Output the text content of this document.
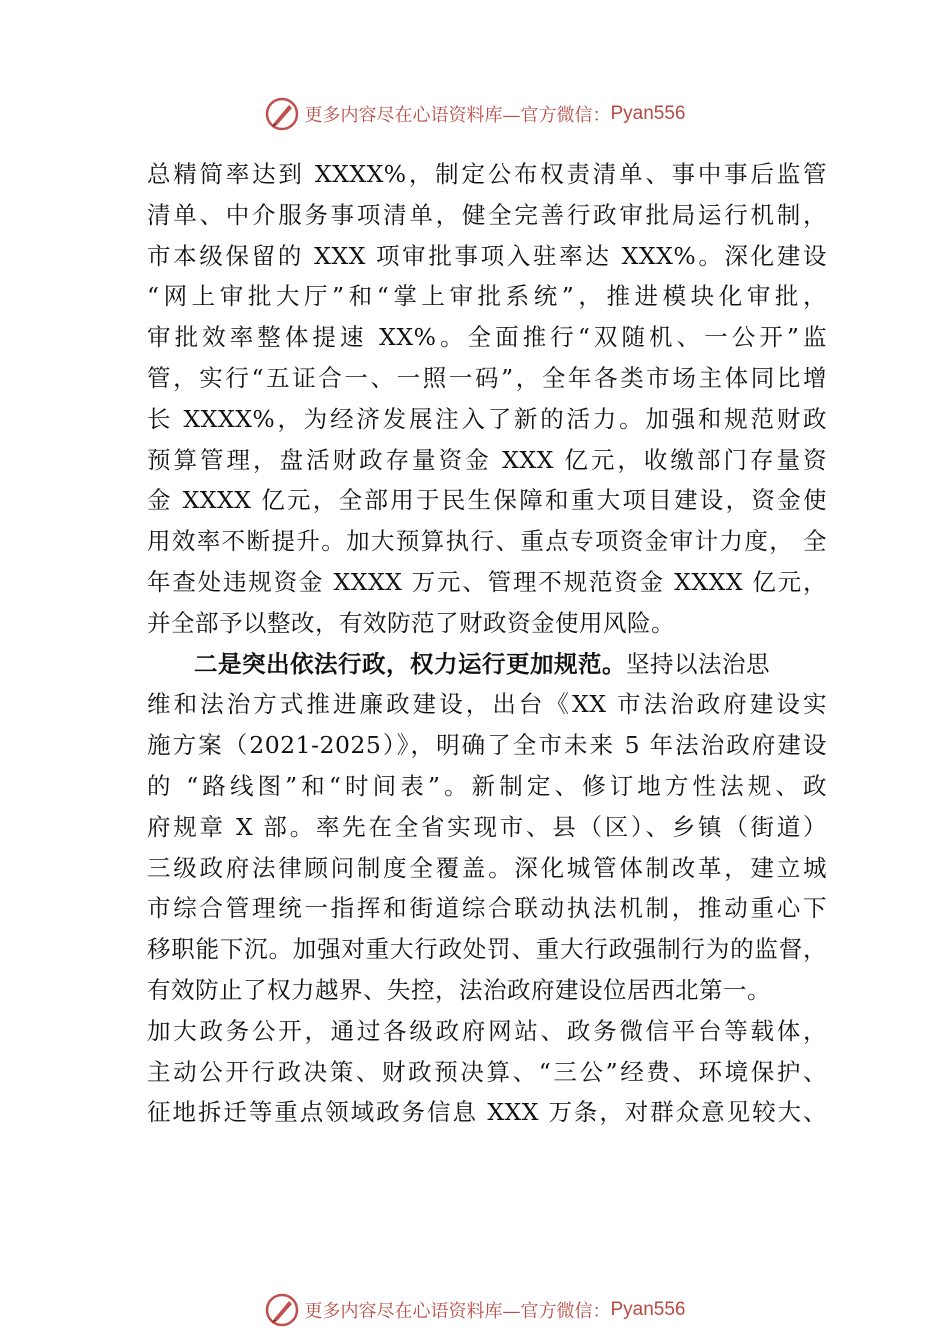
更多内容尽在心语资料库—官方微信： Pyan556
总精简率达到 XXXX%，制定公布权责清单、事中事后监管
清单、中介服务事项清单，健全完善行政审批局运行机制，
市本级保留的 XXX 项审批事项入驻率达 XXX%。深化建设
“网上审批大厅”和“掌上审批系统”，推进模块化审批，
审批效率整体提速 XX%。全面推行“双随机、一公开”监
管，实行“五证合一、一照一码”，全年各类市场主体同比增
长 XXXX%，为经济发展注入了新的活力。加强和规范财政
预算管理，盘活财政存量资金 XXX 亿元，收缴部门存量资
金 XXXX 亿元，全部用于民生保障和重大项目建设，资金使
用效率不断提升。加大预算执行、重点专项资金审计力度， 全
年查处违规资金 XXXX 万元、管理不规范资金 XXXX 亿元，
并全部予以整改，有效防范了财政资金使用风险。
二是突出依法行政，权力运行更加规范。坚持以法治思
维和法治方式推进廉政建设，出台《XX 市法治政府建设实
施方案（2021-2025）》，明确了全市未来 5 年法治政府建设
的 “路线图”和“时间表”。新制定、修订地方性法规、政
府规章 X 部。率先在全省实现市、县（区）、乡镇（街道）
三级政府法律顾问制度全覆盖。深化城管体制改革，建立城
市综合管理统一指挥和街道综合联动执法机制，推动重心下
移职能下沉。加强对重大行政处罚、重大行政强制行为的监督，
有效防止了权力越界、失控，法治政府建设位居西北第一。
加大政务公开，通过各级政府网站、政务微信平台等载体，
主动公开行政决策、财政预决算、“三公”经费、环境保护、
征地拆迁等重点领域政务信息 XXX 万条，对群众意见较大、
更多内容尽在心语资料库—官方微信： Pyan556
